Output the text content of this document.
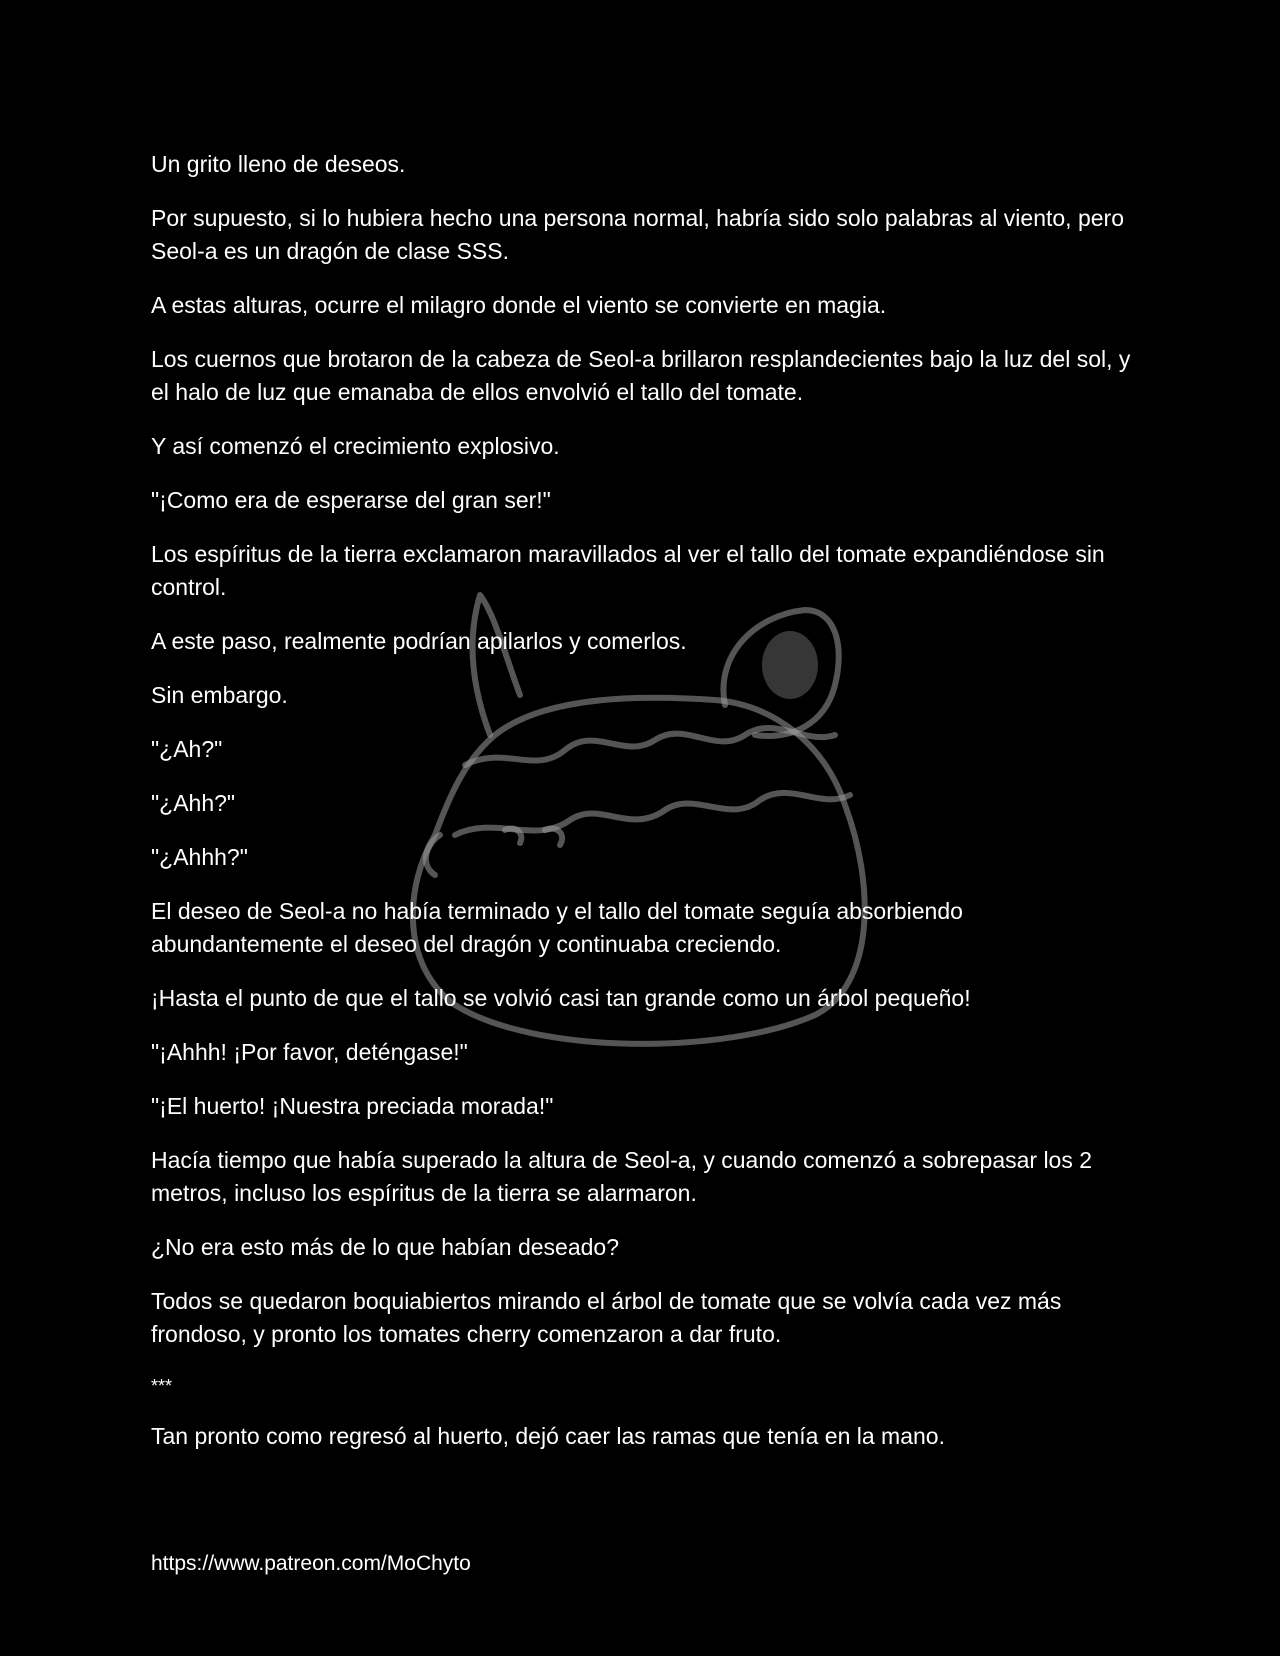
Un grito lleno de deseos.

Por supuesto, si lo hubiera hecho una persona normal, habría sido solo palabras al viento, pero Seol-a es un dragón de clase SSS.

A estas alturas, ocurre el milagro donde el viento se convierte en magia.

Los cuernos que brotaron de la cabeza de Seol-a brillaron resplandecientes bajo la luz del sol, y el halo de luz que emanaba de ellos envolvió el tallo del tomate.

Y así comenzó el crecimiento explosivo.

"¡Como era de esperarse del gran ser!"

Los espíritus de la tierra exclamaron maravillados al ver el tallo del tomate expandiéndose sin control.

A este paso, realmente podrían apilarlos y comerlos.

Sin embargo.

"¿Ah?"

"¿Ahh?"

"¿Ahhh?"

El deseo de Seol-a no había terminado y el tallo del tomate seguía absorbiendo abundantemente el deseo del dragón y continuaba creciendo.

¡Hasta el punto de que el tallo se volvió casi tan grande como un árbol pequeño!

"¡Ahhh! ¡Por favor, deténgase!"

"¡El huerto! ¡Nuestra preciada morada!"

Hacía tiempo que había superado la altura de Seol-a, y cuando comenzó a sobrepasar los 2 metros, incluso los espíritus de la tierra se alarmaron.

¿No era esto más de lo que habían deseado?

Todos se quedaron boquiabiertos mirando el árbol de tomate que se volvía cada vez más frondoso, y pronto los tomates cherry comenzaron a dar fruto.

***

Tan pronto como regresó al huerto, dejó caer las ramas que tenía en la mano.

https://www.patreon.com/MoChyto
